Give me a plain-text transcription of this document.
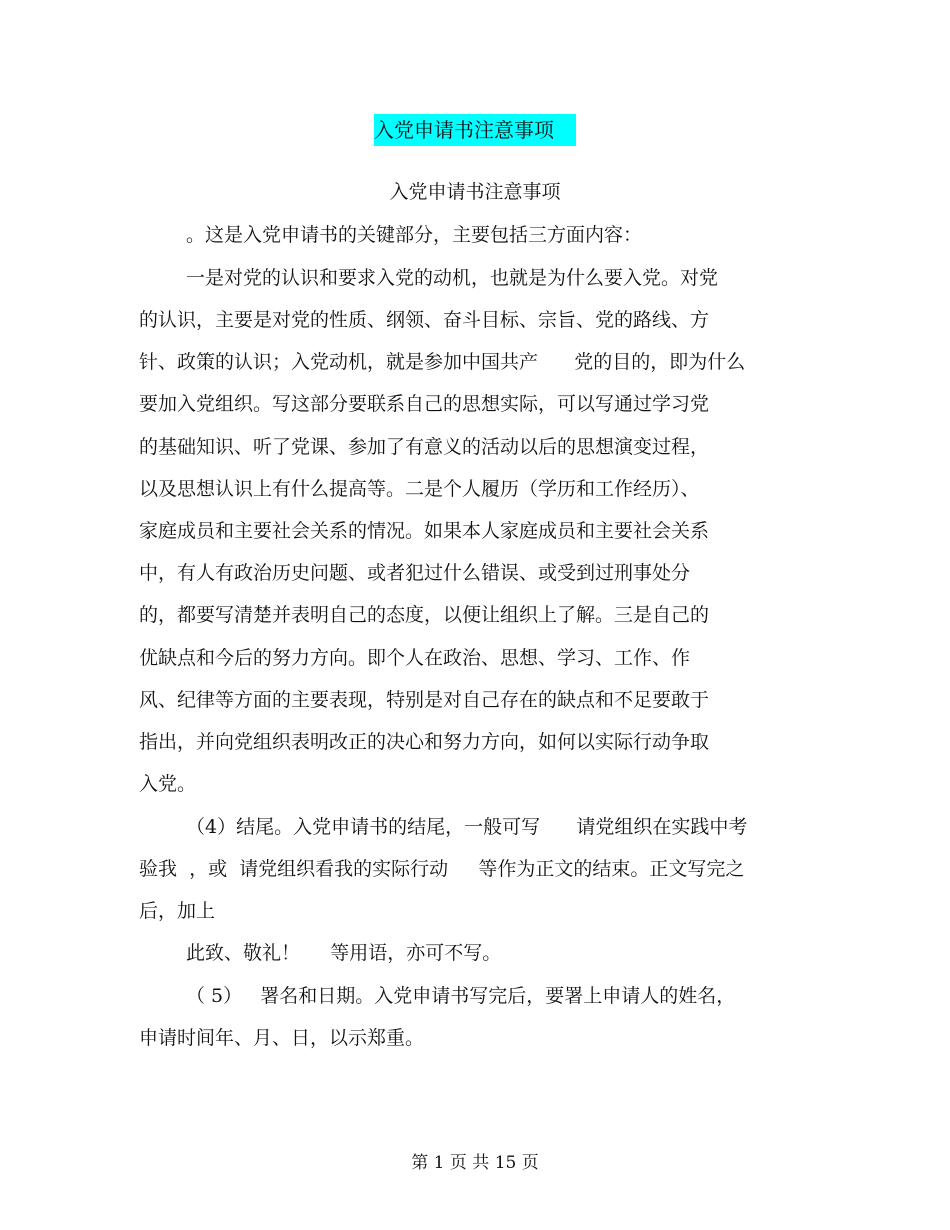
入党申请书注意事项
入党申请书注意事项
。这是入党申请书的关键部分，主要包括三方面内容：
一是对党的认识和要求入党的动机，也就是为什么要入党。对党
的认识，主要是对党的性质、纲领、奋斗目标、宗旨、党的路线、方
针、政策的认识；入党动机，就是参加中国共产      党的目的，即为什么
要加入党组织。写这部分要联系自己的思想实际，可以写通过学习党
的基础知识、听了党课、参加了有意义的活动以后的思想演变过程，
以及思想认识上有什么提高等。二是个人履历（学历和工作经历）、
家庭成员和主要社会关系的情况。如果本人家庭成员和主要社会关系
中，有人有政治历史问题、或者犯过什么错误、或受到过刑事处分
的，都要写清楚并表明自己的态度，以便让组织上了解。三是自己的
优缺点和今后的努力方向。即个人在政治、思想、学习、工作、作
风、纪律等方面的主要表现，特别是对自己存在的缺点和不足要敢于
指出，并向党组织表明改正的决心和努力方向，如何以实际行动争取
入党。
（4）结尾。入党申请书的结尾，一般可写      请党组织在实践中考
验我  ，或  请党组织看我的实际行动     等作为正文的结束。正文写完之
后，加上
此致、敬礼！     等用语，亦可不写。
（ 5）   署名和日期。入党申请书写完后，要署上申请人的姓名，
申请时间年、月、日，以示郑重。
第 1 页 共 15 页
